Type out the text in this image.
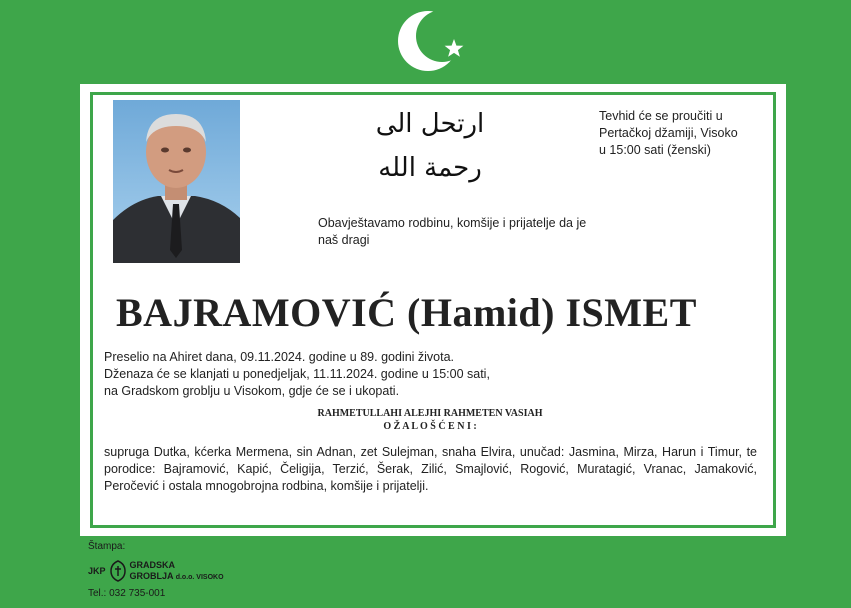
ارتحل الى رحمة الله
Tevhid će se proučiti u
Pertačkoj džamiji, Visoko
u 15:00 sati (ženski)
Obavještavamo rodbinu, komšije i prijatelje da je
naš dragi
BAJRAMOVIĆ (Hamid) ISMET
Preselio na Ahiret dana, 09.11.2024. godine u 89. godini života.
Dženaza će se klanjati u ponedjeljak, 11.11.2024. godine u 15:00 sati,
na Gradskom groblju u Visokom, gdje će se i ukopati.
RAHMETULLAHI ALEJHI RAHMETEN VASIAH
O Ž A L O Š Ć E N I :
supruga Dutka, kćerka Mermena, sin Adnan, zet Sulejman, snaha Elvira, unučad: Jasmina, Mirza, Harun i Timur, te porodice: Bajramović, Kapić, Čeligija, Terzić, Šerak, Zilić, Smajlović, Rogović, Muratagić, Vranac, Jamaković, Peročević i ostala mnogobrojna rodbina, komšije i prijatelji.
Štampa:
JKP
GRADSKA
GROBLJA d.o.o. VISOKO
Tel.: 032 735-001
